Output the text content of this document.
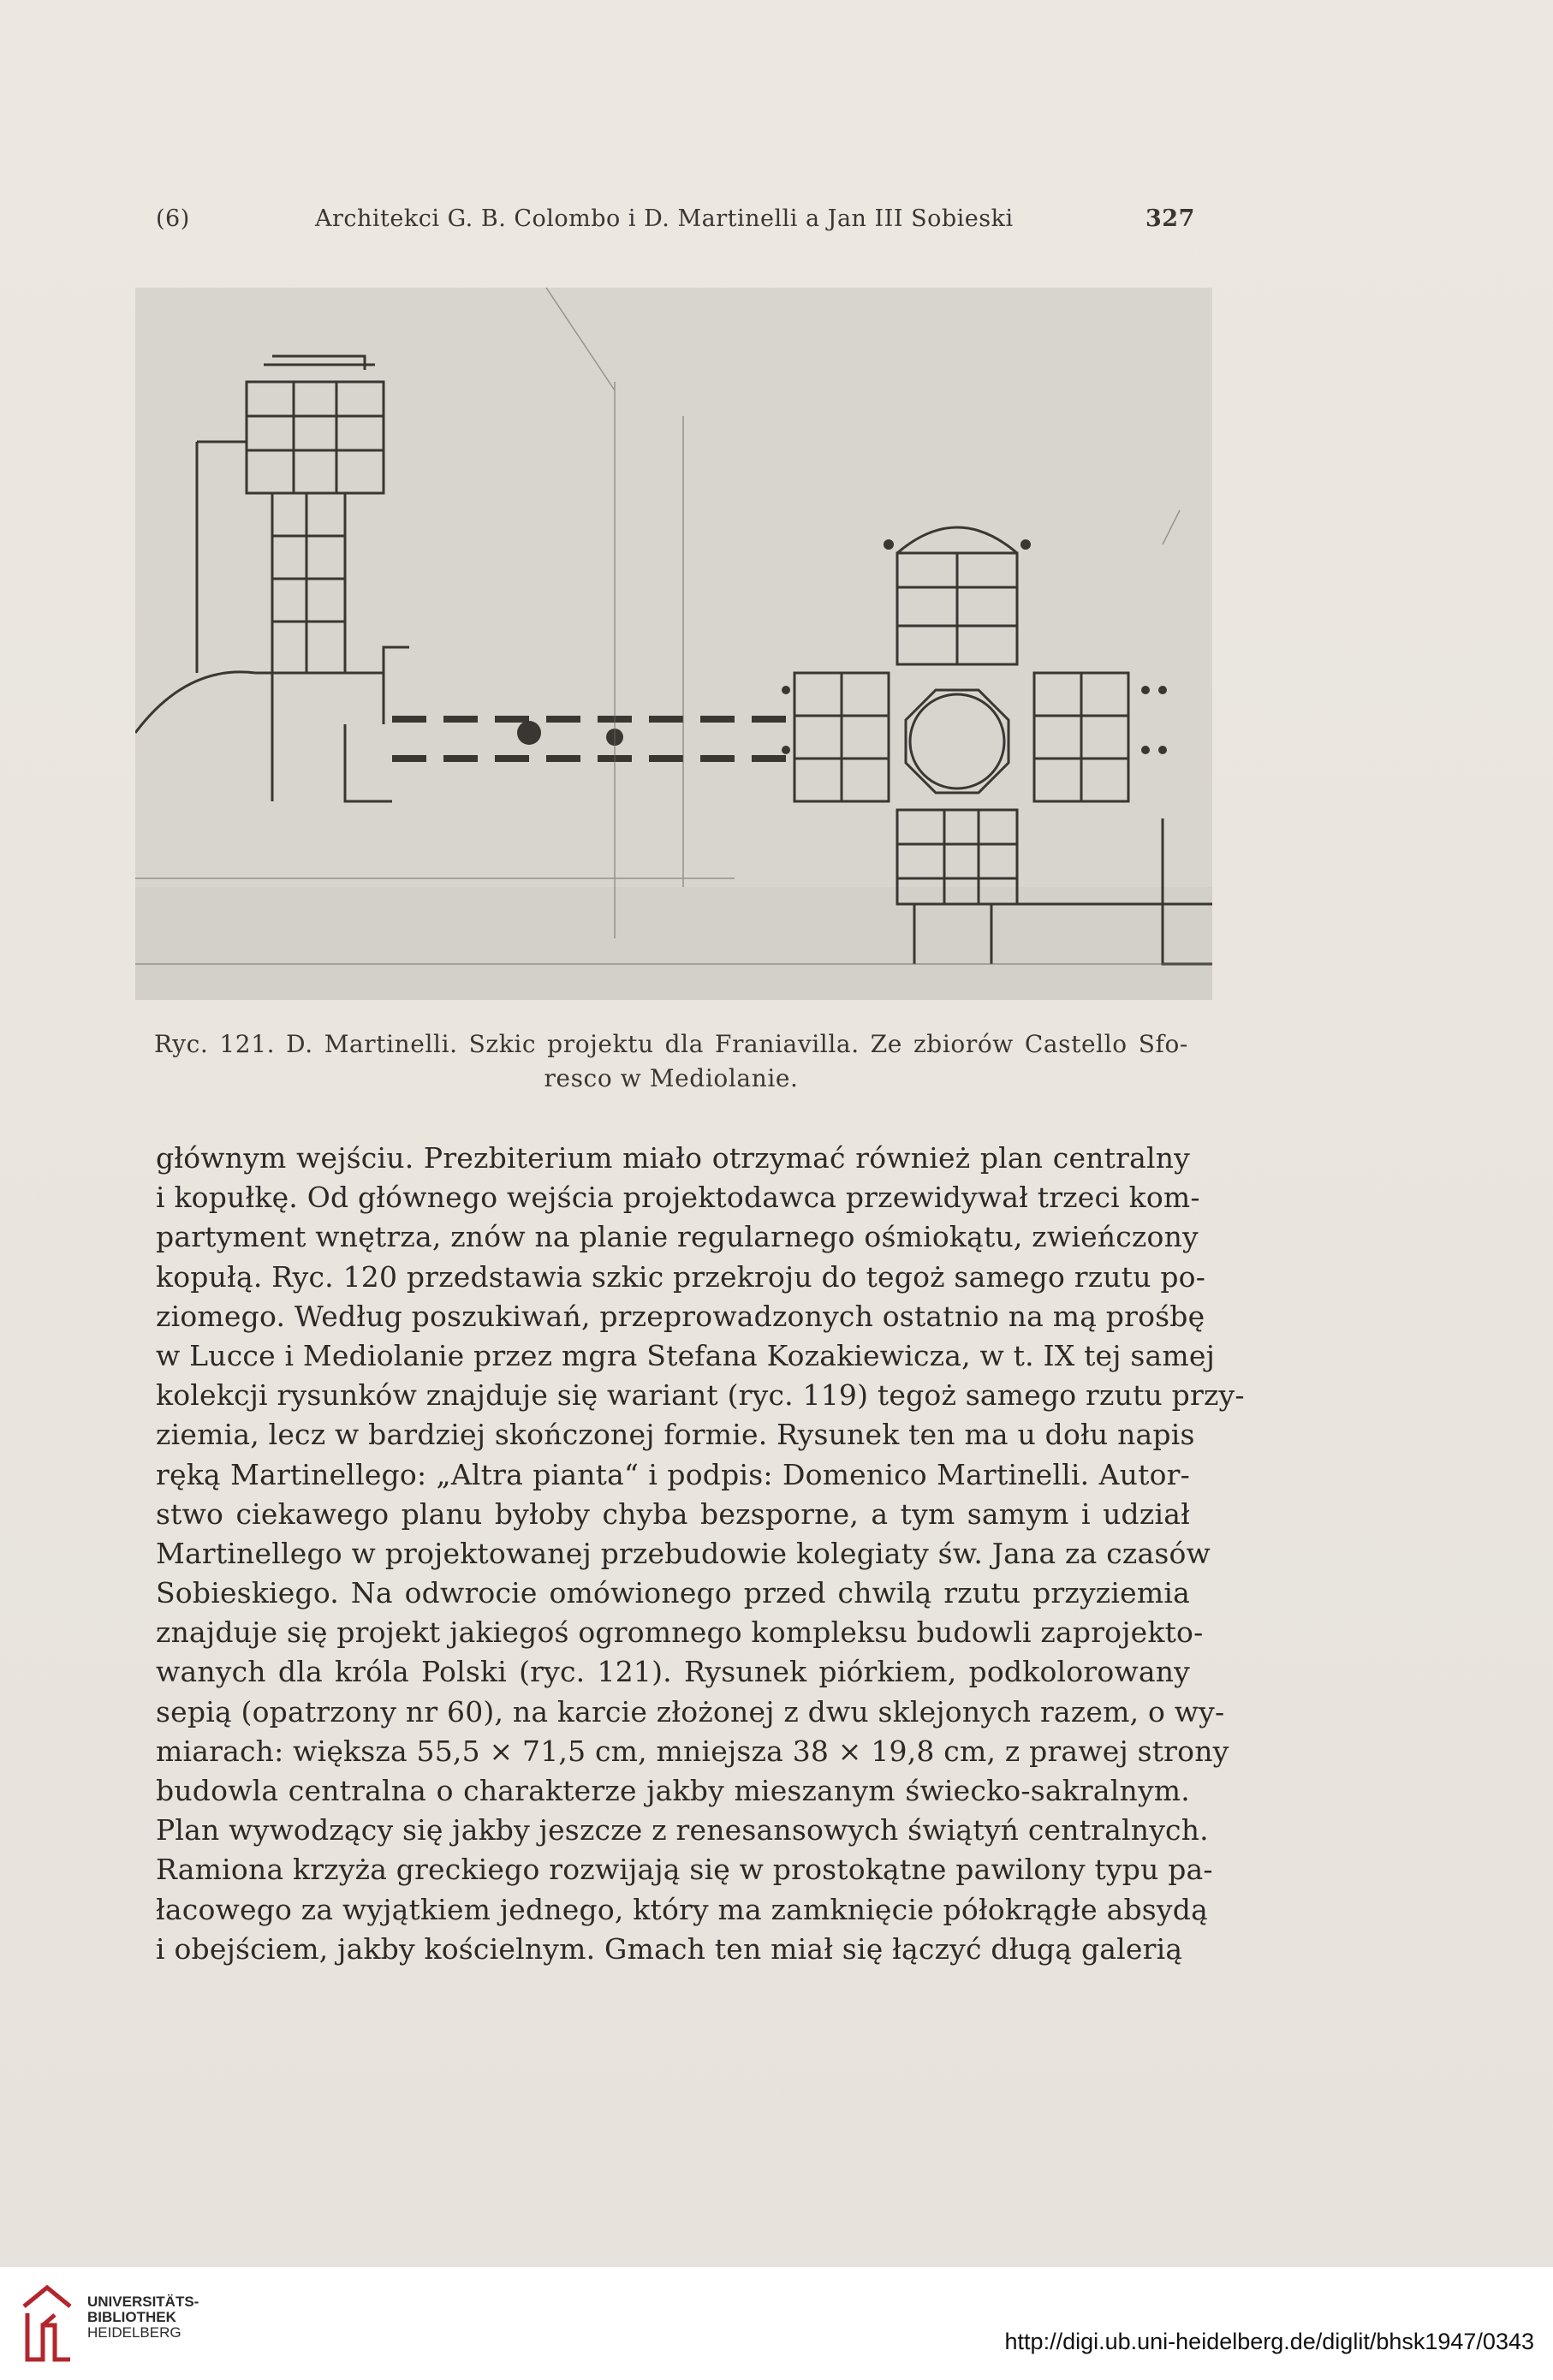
(6)	Architekci G. B. Colombo i D. Martinelli a Jan III Sobieski	327
Ryc. 121. D. Martinelli. Szkic projektu dla Franiavilla. Ze zbiorów Castello Sfo-
resco w Mediolanie.
głównym wejściu. Prezbiterium miało otrzymać również plan centralny
i kopułkę. Od głównego wejścia projektodawca przewidywał trzeci kom-
partyment wnętrza, znów na planie regularnego ośmiokątu, zwieńczony
kopułą. Ryc. 120 przedstawia szkic przekroju do tegoż samego rzutu po-
ziomego. Według poszukiwań, przeprowadzonych ostatnio na mą prośbę
w Lucce i Mediolanie przez mgra Stefana Kozakiewicza, w t. IX tej samej
kolekcji rysunków znajduje się wariant (ryc. 119) tegoż samego rzutu przy-
ziemia, lecz w bardziej skończonej formie. Rysunek ten ma u dołu napis
ręką Martinellego: „Altra pianta“ i podpis: Domenico Martinelli. Autor-
stwo ciekawego planu byłoby chyba bezsporne, a tym samym i udział
Martinellego w projektowanej przebudowie kolegiaty św. Jana za czasów
Sobieskiego. Na odwrocie omówionego przed chwilą rzutu przyziemia
znajduje się projekt jakiegoś ogromnego kompleksu budowli zaprojekto-
wanych dla króla Polski (ryc. 121). Rysunek piórkiem, podkolorowany
sepią (opatrzony nr 60), na karcie złożonej z dwu sklejonych razem, o wy-
miarach: większa 55,5 × 71,5 cm, mniejsza 38 × 19,8 cm, z prawej strony
budowla centralna o charakterze jakby mieszanym świecko-sakralnym.
Plan wywodzący się jakby jeszcze z renesansowych świątyń centralnych.
Ramiona krzyża greckiego rozwijają się w prostokątne pawilony typu pa-
łacowego za wyjątkiem jednego, który ma zamknięcie półokrągłe absydą
i obejściem, jakby kościelnym. Gmach ten miał się łączyć długą galerią
UNIVERSITÄTS-
BIBLIOTHEK
HEIDELBERG	http://digi.ub.uni-heidelberg.de/diglit/bhsk1947/0343
